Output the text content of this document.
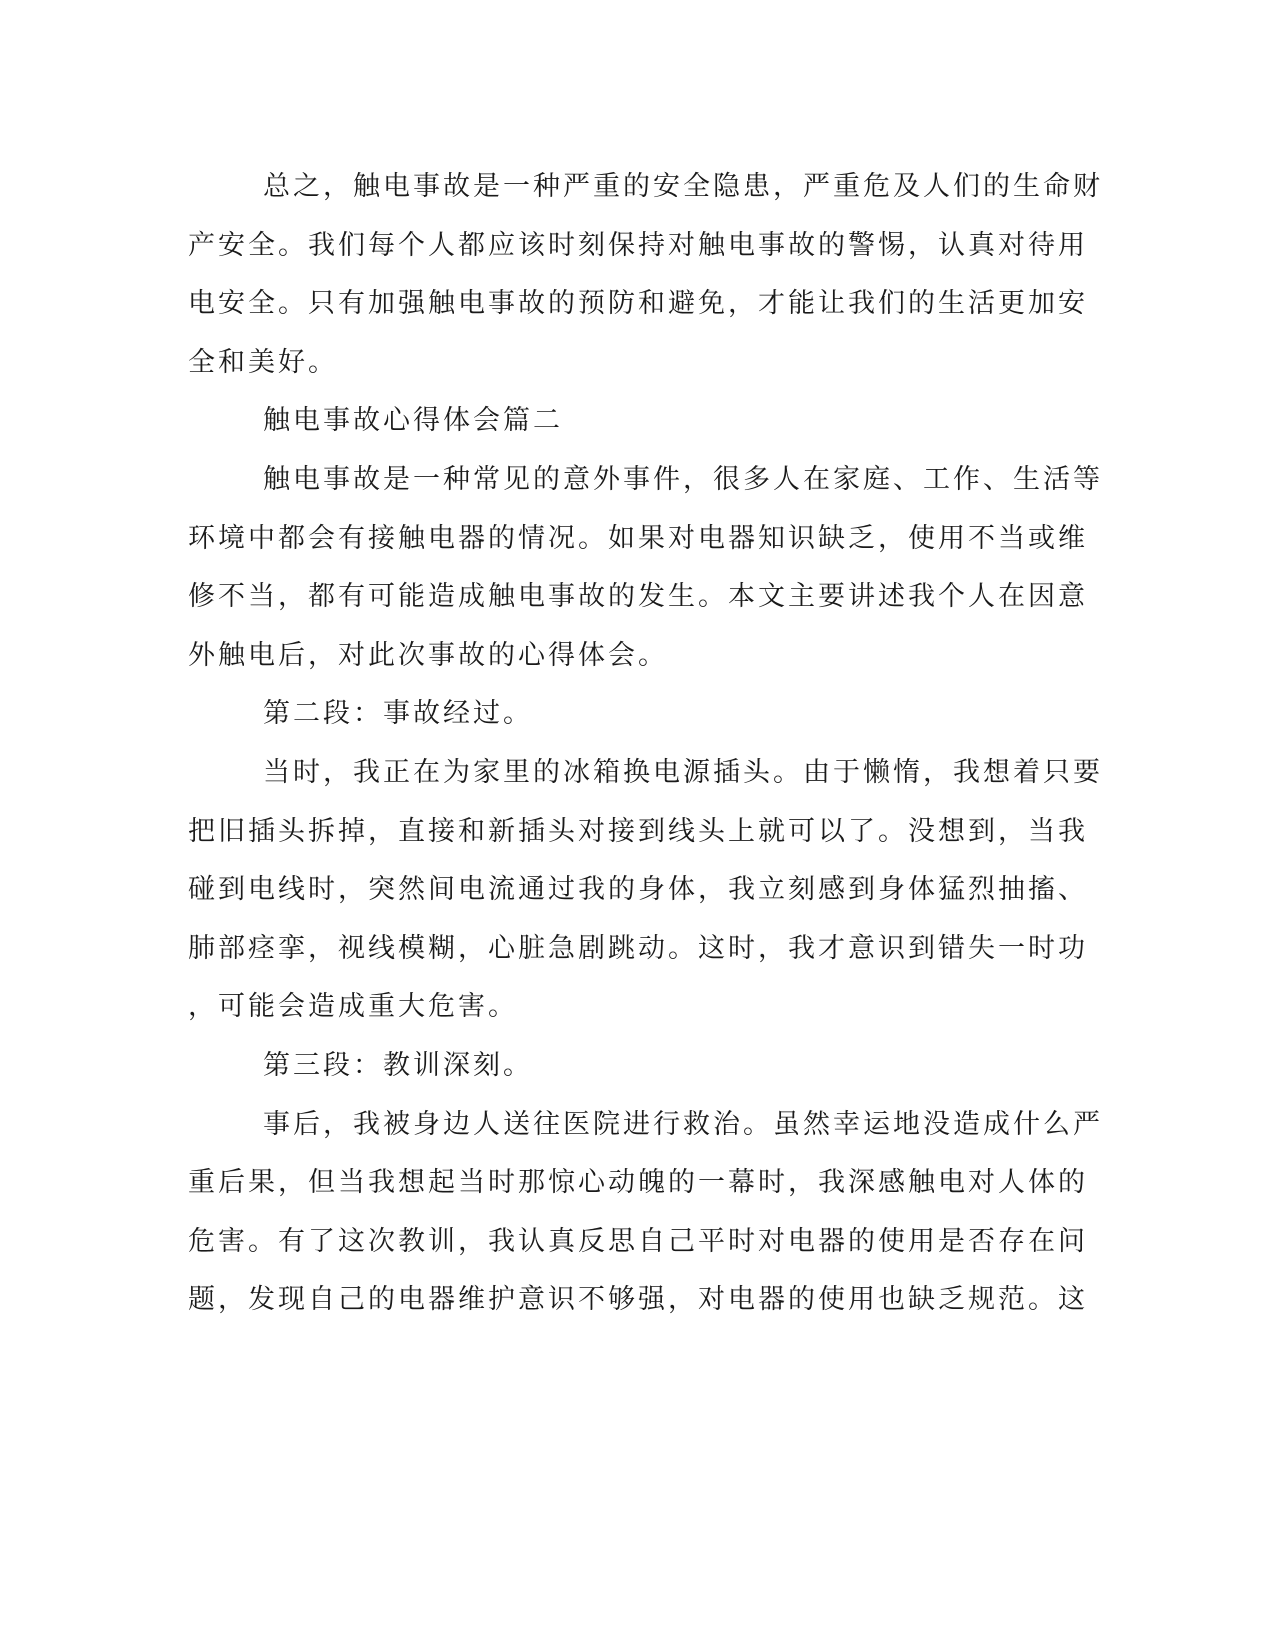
总之，触电事故是一种严重的安全隐患，严重危及人们的生命财
产安全。我们每个人都应该时刻保持对触电事故的警惕，认真对待用
电安全。只有加强触电事故的预防和避免，才能让我们的生活更加安
全和美好。
触电事故心得体会篇二
触电事故是一种常见的意外事件，很多人在家庭、工作、生活等
环境中都会有接触电器的情况。如果对电器知识缺乏，使用不当或维
修不当，都有可能造成触电事故的发生。本文主要讲述我个人在因意
外触电后，对此次事故的心得体会。
第二段：事故经过。
当时，我正在为家里的冰箱换电源插头。由于懒惰，我想着只要
把旧插头拆掉，直接和新插头对接到线头上就可以了。没想到，当我
碰到电线时，突然间电流通过我的身体，我立刻感到身体猛烈抽搐、
肺部痉挛，视线模糊，心脏急剧跳动。这时，我才意识到错失一时功
，可能会造成重大危害。
第三段：教训深刻。
事后，我被身边人送往医院进行救治。虽然幸运地没造成什么严
重后果，但当我想起当时那惊心动魄的一幕时，我深感触电对人体的
危害。有了这次教训，我认真反思自己平时对电器的使用是否存在问
题，发现自己的电器维护意识不够强，对电器的使用也缺乏规范。这
